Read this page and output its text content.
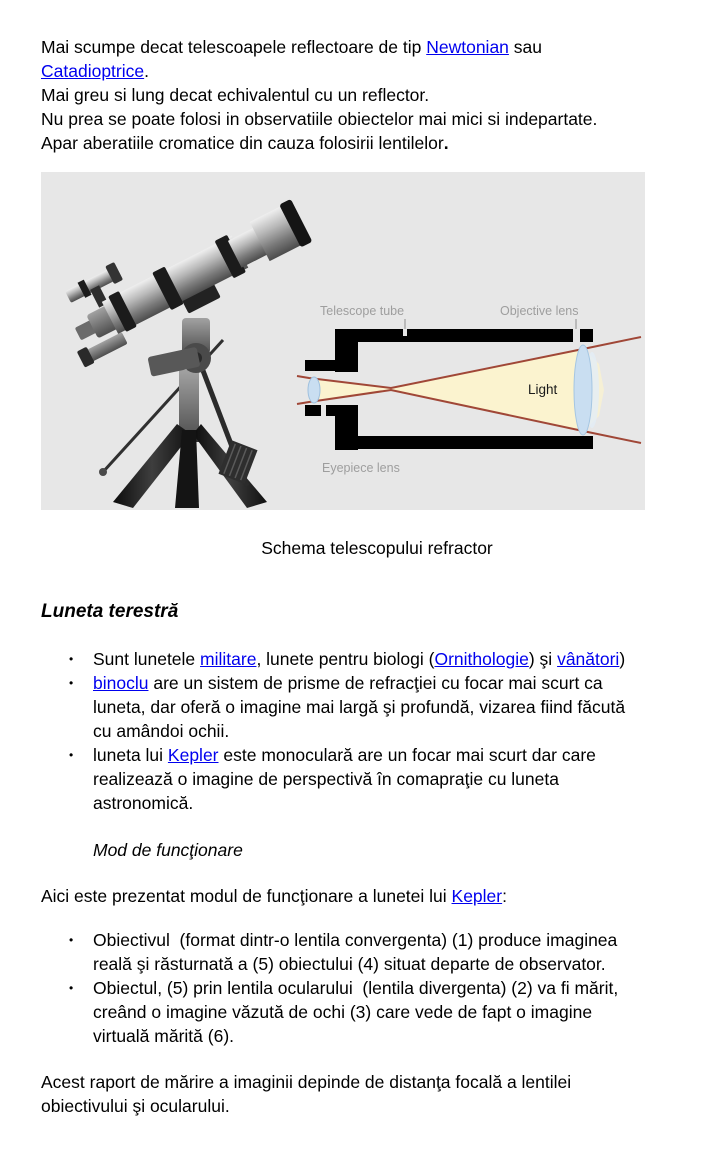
Mai scumpe decat telescoapele reflectoare de tip Newtonian sau
Catadioptrice.
Mai greu si lung decat echivalentul cu un reflector.
Nu prea se poate folosi in observatiile obiectelor mai mici si indepartate.
Apar aberatiile cromatice din cauza folosirii lentilelor.

Telescope tube	Objective lens
Light
Eyepiece lens

Schema telescopului refractor

Luneta terestră
• Sunt lunetele militare, lunete pentru biologi (Ornithologie) şi vânători)
• binoclu are un sistem de prisme de refracţiei cu focar mai scurt ca
luneta, dar oferă o imagine mai largă şi profundă, vizarea fiind făcută
cu amândoi ochii.
• luneta lui Kepler este monoculară are un focar mai scurt dar care
realizează o imagine de perspectivă în comapraţie cu luneta
astronomică.

Mod de funcţionare

Aici este prezentat modul de funcţionare a lunetei lui Kepler:

• Obiectivul  (format dintr-o lentila convergenta) (1) produce imaginea
reală şi răsturnată a (5) obiectului (4) situat departe de observator.
• Obiectul, (5) prin lentila ocularului  (lentila divergenta) (2) va fi mărit,
creând o imagine văzută de ochi (3) care vede de fapt o imagine
virtuală mărită (6).

Acest raport de mărire a imaginii depinde de distanţa focală a lentilei
obiectivului şi ocularului.
